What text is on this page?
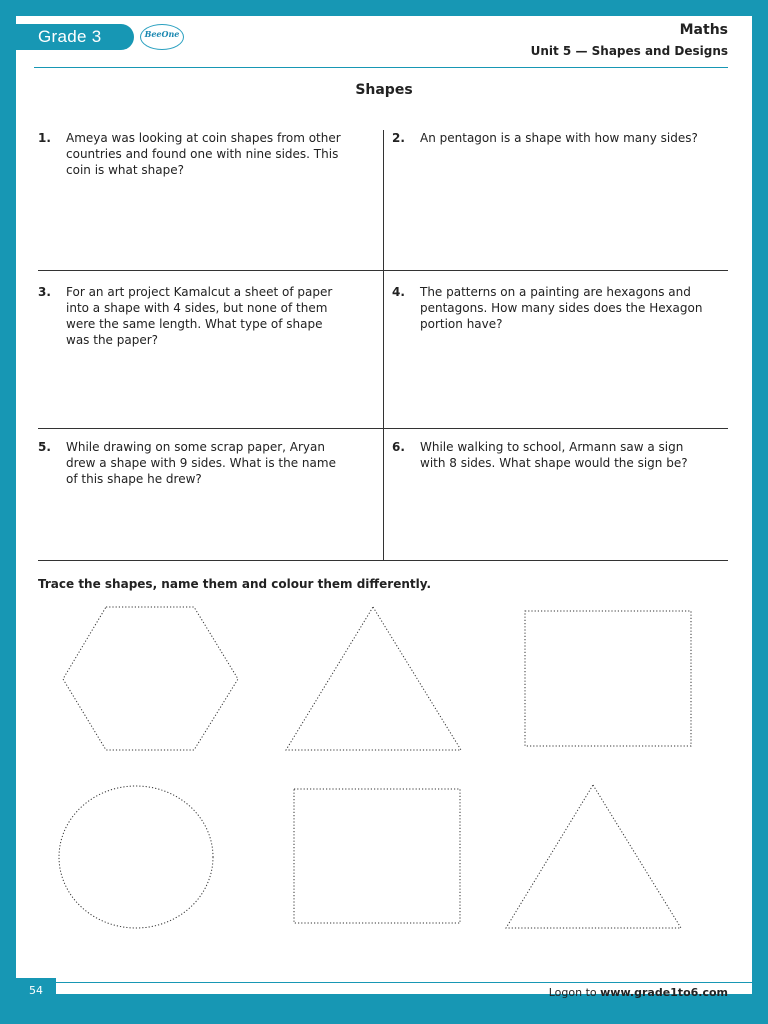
Grade 3	BeeOne	Maths
Unit 5 — Shapes and Designs
Shapes
1. Ameya was looking at coin shapes from other
countries and found one with nine sides. This
coin is what shape?
2. An pentagon is a shape with how many sides?
3. For an art project Kamalcut a sheet of paper
into a shape with 4 sides, but none of them
were the same length. What type of shape
was the paper?
4. The patterns on a painting are hexagons and
pentagons. How many sides does the Hexagon
portion have?
5. While drawing on some scrap paper, Aryan
drew a shape with 9 sides. What is the name
of this shape he drew?
6. While walking to school, Armann saw a sign
with 8 sides. What shape would the sign be?
Trace the shapes, name them and colour them differently.
54	Logon to www.grade1to6.com
